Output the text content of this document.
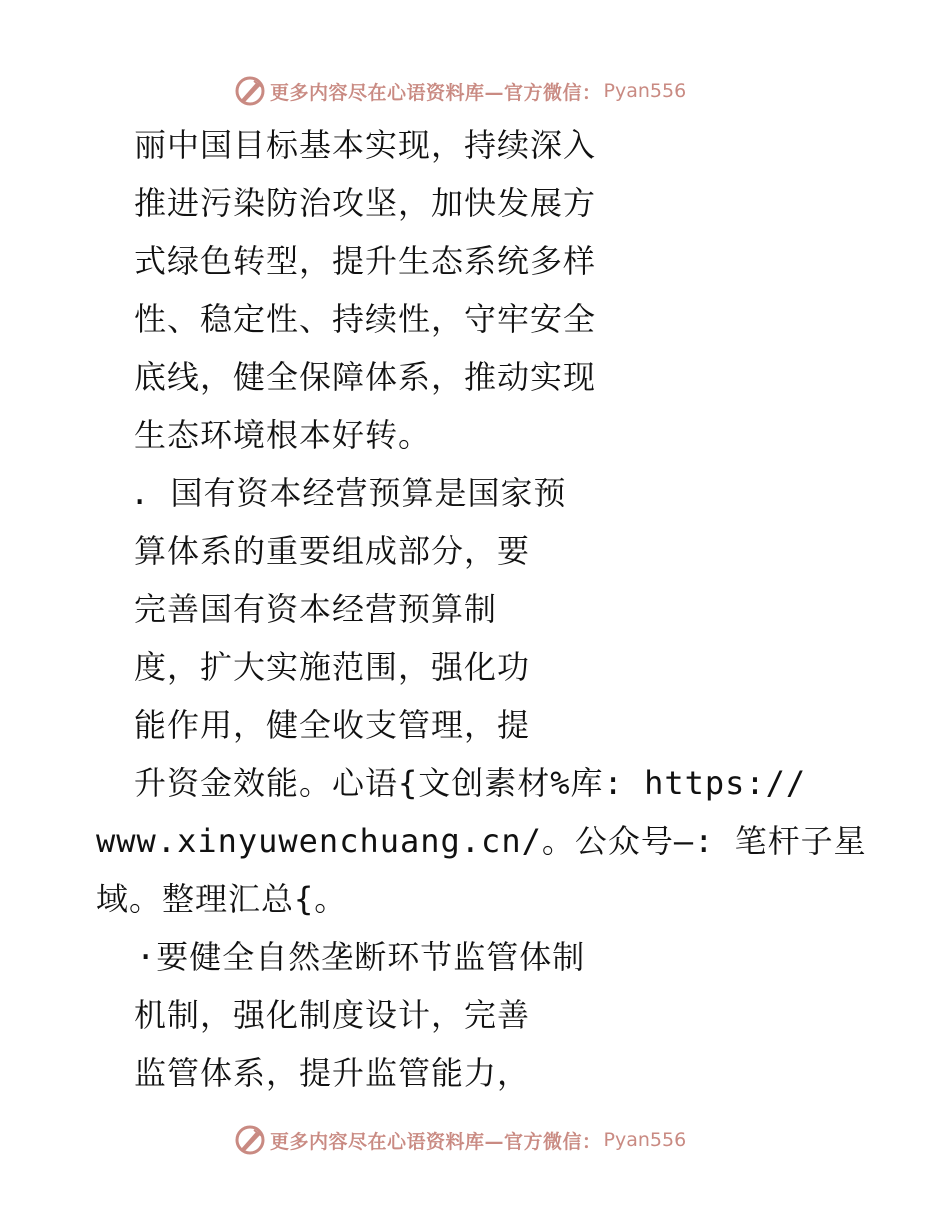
更多内容尽在心语资料库—官方微信： Pyan556
丽中国目标基本实现，持续深入
推进污染防治攻坚，加快发展方
式绿色转型，提升生态系统多样
性、稳定性、持续性，守牢安全
底线，健全保障体系，推动实现
生态环境根本好转。
. 国有资本经营预算是国家预
算体系的重要组成部分，要
完善国有资本经营预算制
度，扩大实施范围，强化功
能作用，健全收支管理，提
升资金效能。心语{文创素材%库: https://
www.xinyuwenchuang.cn/。公众号—: 笔杆子星
域。整理汇总{。
·要健全自然垄断环节监管体制
机制，强化制度设计，完善
监管体系，提升监管能力，
更多内容尽在心语资料库—官方微信： Pyan556
